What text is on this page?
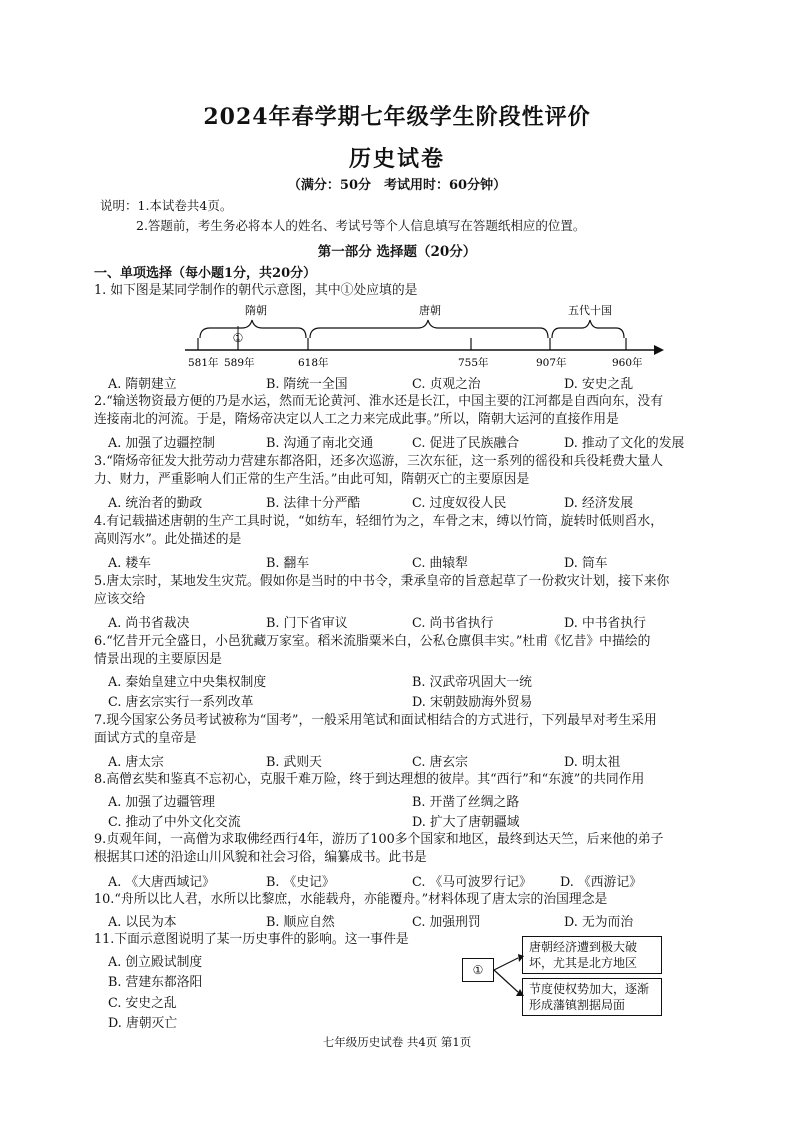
2024年春学期七年级学生阶段性评价
历史试卷
（满分：50分　考试用时：60分钟）
说明：1.本试卷共4页。
2.答题前，考生务必将本人的姓名、考试号等个人信息填写在答题纸相应的位置。
第一部分 选择题（20分）
一、单项选择（每小题1分，共20分）
1. 如下图是某同学制作的朝代示意图，其中①处应填的是
①
隋朝	唐朝	五代十国
581年 589年	618年	755年	907年	960年
A. 隋朝建立	B. 隋统一全国	C. 贞观之治	D. 安史之乱
2.“输送物资最方便的乃是水运，然而无论黄河、淮水还是长江，中国主要的江河都是自西向东，没有
连接南北的河流。于是，隋炀帝决定以人工之力来完成此事。”所以，隋朝大运河的直接作用是
A. 加强了边疆控制	B. 沟通了南北交通	C. 促进了民族融合	D. 推动了文化的发展
3.“隋炀帝征发大批劳动力营建东都洛阳，还多次巡游，三次东征，这一系列的徭役和兵役耗费大量人
力、财力，严重影响人们正常的生产生活。”由此可知，隋朝灭亡的主要原因是
A. 统治者的勤政	B. 法律十分严酷	C. 过度奴役人民	D. 经济发展
4.有记载描述唐朝的生产工具时说，“如纺车，轻细竹为之，车骨之末，缚以竹筒，旋转时低则舀水，
高则泻水”。此处描述的是
A. 耧车	B. 翻车	C. 曲辕犁	D. 筒车
5.唐太宗时，某地发生灾荒。假如你是当时的中书令，秉承皇帝的旨意起草了一份救灾计划，接下来你
应该交给
A. 尚书省裁决	B. 门下省审议	C. 尚书省执行	D. 中书省执行
6.“忆昔开元全盛日，小邑犹藏万家室。稻米流脂粟米白，公私仓廪俱丰实。”杜甫《忆昔》中描绘的
情景出现的主要原因是
A. 秦始皇建立中央集权制度	B. 汉武帝巩固大一统
C. 唐玄宗实行一系列改革	D. 宋朝鼓励海外贸易
7.现今国家公务员考试被称为“国考”，一般采用笔试和面试相结合的方式进行，下列最早对考生采用
面试方式的皇帝是
A. 唐太宗	B. 武则天	C. 唐玄宗	D. 明太祖
8.高僧玄奘和鉴真不忘初心，克服千难万险，终于到达理想的彼岸。其“西行”和“东渡”的共同作用
A. 加强了边疆管理	B. 开凿了丝绸之路
C. 推动了中外文化交流	D. 扩大了唐朝疆域
9.贞观年间，一高僧为求取佛经西行4年，游历了100多个国家和地区，最终到达天竺，后来他的弟子
根据其口述的沿途山川风貌和社会习俗，编纂成书。此书是
A. 《大唐西域记》	B. 《史记》	C. 《马可波罗行记》 D. 《西游记》
10.“舟所以比人君，水所以比黎庶，水能载舟，亦能覆舟。”材料体现了唐太宗的治国理念是
A. 以民为本	B. 顺应自然	C. 加强刑罚	D. 无为而治
11.下面示意图说明了某一历史事件的影响。这一事件是
A. 创立殿试制度
B. 营建东都洛阳
C. 安史之乱
D. 唐朝灭亡
①
唐朝经济遭到极大破
坏，尤其是北方地区
节度使权势加大，逐渐
形成藩镇割据局面
七年级历史试卷 共4页 第1页
